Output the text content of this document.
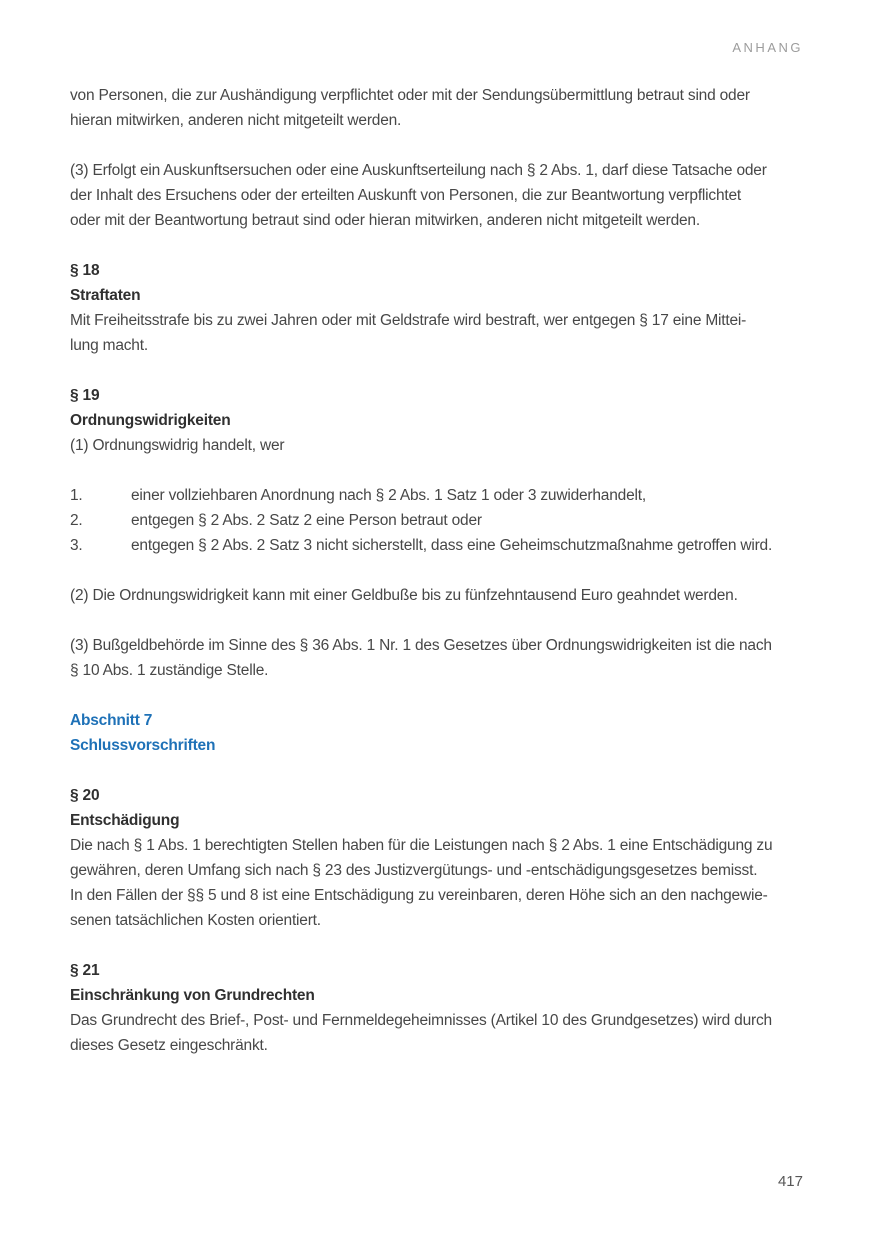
ANHANG
von Personen, die zur Aushändigung verpflichtet oder mit der Sendungsübermittlung betraut sind oder
hieran mitwirken, anderen nicht mitgeteilt werden.
(3) Erfolgt ein Auskunftsersuchen oder eine Auskunftserteilung nach § 2 Abs. 1, darf diese Tatsache oder
der Inhalt des Ersuchens oder der erteilten Auskunft von Personen, die zur Beantwortung verpflichtet
oder mit der Beantwortung betraut sind oder hieran mitwirken, anderen nicht mitgeteilt werden.
§ 18
Straftaten
Mit Freiheitsstrafe bis zu zwei Jahren oder mit Geldstrafe wird bestraft, wer entgegen § 17 eine Mittei-
lung macht.
§ 19
Ordnungswidrigkeiten
(1) Ordnungswidrig handelt, wer
1.	einer vollziehbaren Anordnung nach § 2 Abs. 1 Satz 1 oder 3 zuwiderhandelt,
2.	entgegen § 2 Abs. 2 Satz 2 eine Person betraut oder
3.	entgegen § 2 Abs. 2 Satz 3 nicht sicherstellt, dass eine Geheimschutzmaßnahme getroffen wird.
(2) Die Ordnungswidrigkeit kann mit einer Geldbuße bis zu fünfzehntausend Euro geahndet werden.
(3) Bußgeldbehörde im Sinne des § 36 Abs. 1 Nr. 1 des Gesetzes über Ordnungswidrigkeiten ist die nach
§ 10 Abs. 1 zuständige Stelle.
Abschnitt 7
Schlussvorschriften
§ 20
Entschädigung
Die nach § 1 Abs. 1 berechtigten Stellen haben für die Leistungen nach § 2 Abs. 1 eine Entschädigung zu
gewähren, deren Umfang sich nach § 23 des Justizvergütungs- und -entschädigungsgesetzes bemisst.
In den Fällen der §§ 5 und 8 ist eine Entschädigung zu vereinbaren, deren Höhe sich an den nachgewie-
senen tatsächlichen Kosten orientiert.
§ 21
Einschränkung von Grundrechten
Das Grundrecht des Brief-, Post- und Fernmeldegeheimnisses (Artikel 10 des Grundgesetzes) wird durch
dieses Gesetz eingeschränkt.
417
